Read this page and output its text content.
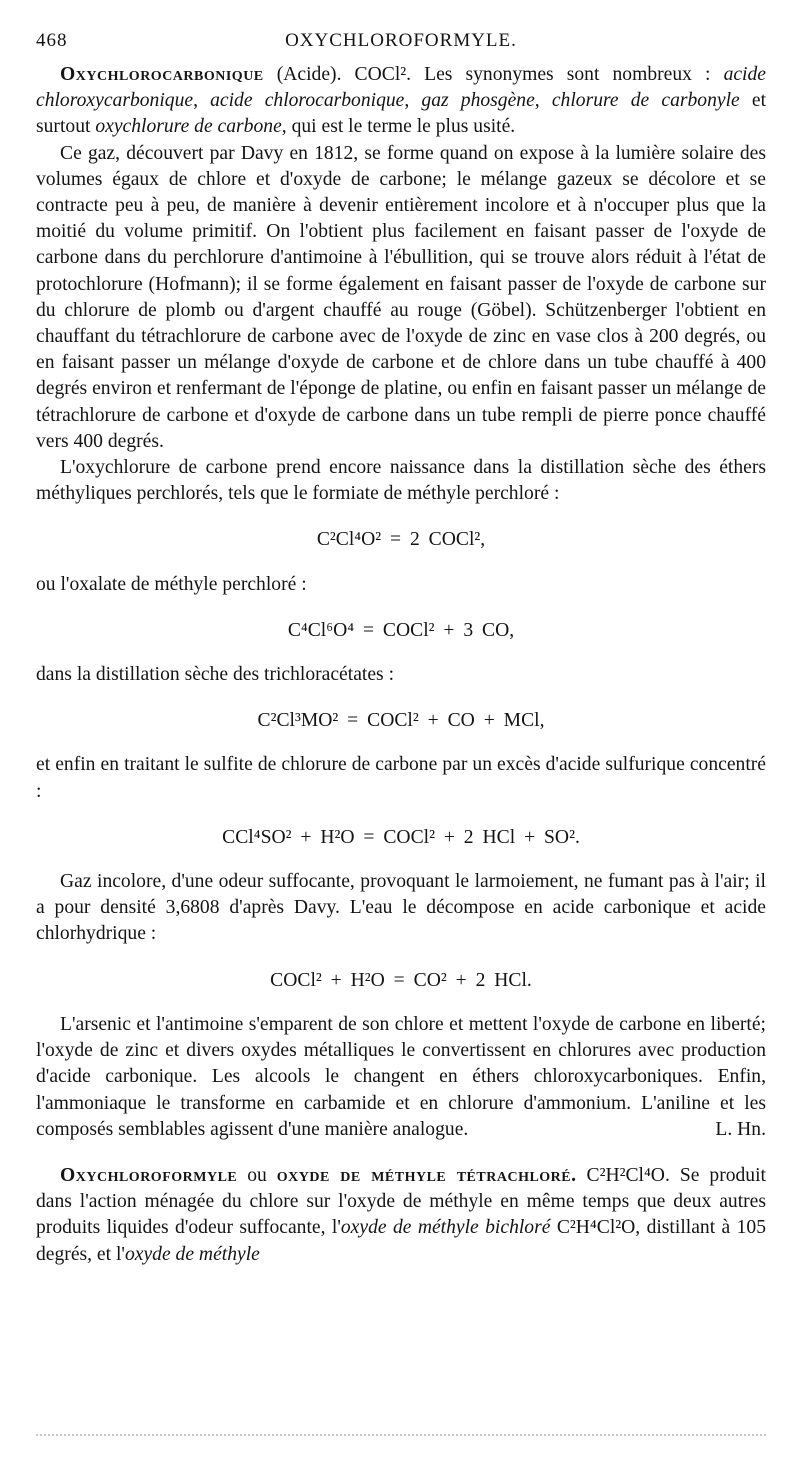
468	OXYCHLOROFORMYLE.

Oxychlorocarbonique (Acide). COCl². Les synonymes sont nombreux : acide chloroxycarbonique, acide chlorocarbonique, gaz phosgène, chlorure de carbonyle et surtout oxychlorure de carbone, qui est le terme le plus usité.

Ce gaz, découvert par Davy en 1812, se forme quand on expose à la lumière solaire des volumes égaux de chlore et d'oxyde de carbone; le mélange gazeux se décolore et se contracte peu à peu, de manière à devenir entièrement incolore et à n'occuper plus que la moitié du volume primitif. On l'obtient plus facilement en faisant passer de l'oxyde de carbone dans du perchlorure d'antimoine à l'ébullition, qui se trouve alors réduit à l'état de protochlorure (Hofmann); il se forme également en faisant passer de l'oxyde de carbone sur du chlorure de plomb ou d'argent chauffé au rouge (Göbel). Schützenberger l'obtient en chauffant du tétrachlorure de carbone avec de l'oxyde de zinc en vase clos à 200 degrés, ou en faisant passer un mélange d'oxyde de carbone et de chlore dans un tube chauffé à 400 degrés environ et renfermant de l'éponge de platine, ou enfin en faisant passer un mélange de tétrachlorure de carbone et d'oxyde de carbone dans un tube rempli de pierre ponce chauffé vers 400 degrés.

L'oxychlorure de carbone prend encore naissance dans la distillation sèche des éthers méthyliques perchlorés, tels que le formiate de méthyle perchloré :

C²Cl⁴O² = 2 COCl²,

ou l'oxalate de méthyle perchloré :

C⁴Cl⁶O⁴ = COCl² + 3 CO,

dans la distillation sèche des trichloracétates :

C²Cl³MO² = COCl² + CO + MCl,

et enfin en traitant le sulfite de chlorure de carbone par un excès d'acide sulfurique concentré :

CCl⁴SO² + H²O = COCl² + 2 HCl + SO².

Gaz incolore, d'une odeur suffocante, provoquant le larmoiement, ne fumant pas à l'air; il a pour densité 3,6808 d'après Davy. L'eau le décompose en acide carbonique et acide chlorhydrique :

COCl² + H²O = CO² + 2 HCl.

L'arsenic et l'antimoine s'emparent de son chlore et mettent l'oxyde de carbone en liberté; l'oxyde de zinc et divers oxydes métalliques le convertissent en chlorures avec production d'acide carbonique. Les alcools le changent en éthers chloroxycarboniques. Enfin, l'ammoniaque le transforme en carbamide et en chlorure d'ammonium. L'aniline et les composés semblables agissent d'une manière analogue.	L. Hn.

Oxychloroformyle ou oxyde de méthyle tétrachloré. C²H²Cl⁴O. Se produit dans l'action ménagée du chlore sur l'oxyde de méthyle en même temps que deux autres produits liquides d'odeur suffocante, l'oxyde de méthyle bichloré C²H⁴Cl²O, distillant à 105 degrés, et l'oxyde de méthyle
